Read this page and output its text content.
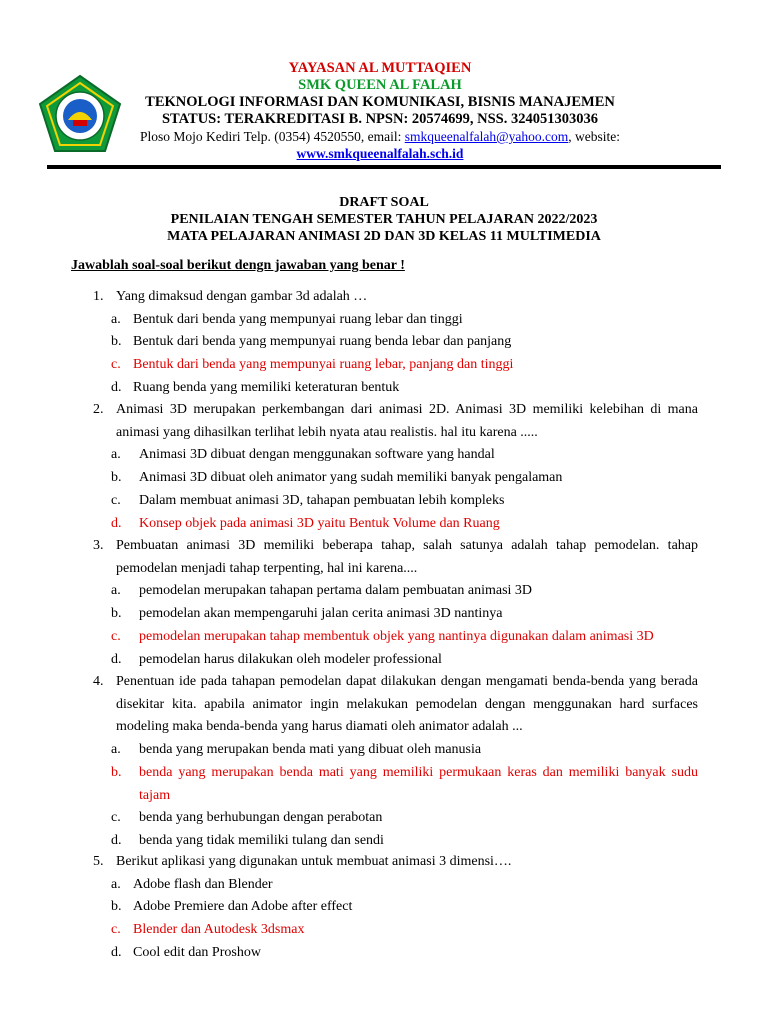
YAYASAN AL MUTTAQIEN
SMK QUEEN AL FALAH
TEKNOLOGI INFORMASI DAN KOMUNIKASI, BISNIS MANAJEMEN
STATUS: TERAKREDITASI B. NPSN: 20574699, NSS. 324051303036
Ploso Mojo Kediri Telp. (0354) 4520550, email: smkqueenalfalah@yahoo.com, website:
www.smkqueenalfalah.sch.id
DRAFT SOAL
PENILAIAN TENGAH SEMESTER TAHUN PELAJARAN 2022/2023
MATA PELAJARAN ANIMASI 2D DAN 3D KELAS 11 MULTIMEDIA
Jawablah soal-soal berikut dengn jawaban yang benar !
1. Yang dimaksud dengan gambar 3d adalah …
a. Bentuk dari benda yang mempunyai ruang lebar dan tinggi
b. Bentuk dari benda yang mempunyai ruang benda lebar dan panjang
c. Bentuk dari benda yang mempunyai ruang lebar, panjang dan tinggi
d. Ruang benda yang memiliki keteraturan bentuk
2. Animasi 3D merupakan perkembangan dari animasi 2D. Animasi 3D memiliki kelebihan di mana animasi yang dihasilkan terlihat lebih nyata atau realistis. hal itu karena .....
a.	Animasi 3D dibuat dengan menggunakan software yang handal
b.	Animasi 3D dibuat oleh animator yang sudah memiliki banyak pengalaman
c.	Dalam membuat animasi 3D, tahapan pembuatan lebih kompleks
d.	Konsep objek pada animasi 3D yaitu Bentuk Volume dan Ruang
3. Pembuatan animasi 3D memiliki beberapa tahap, salah satunya adalah tahap pemodelan. tahap pemodelan menjadi tahap terpenting, hal ini karena....
a.	pemodelan merupakan tahapan pertama dalam pembuatan animasi 3D
b.	pemodelan akan mempengaruhi jalan cerita animasi 3D nantinya
c.	pemodelan merupakan tahap membentuk objek yang nantinya digunakan dalam animasi 3D
d.	pemodelan harus dilakukan oleh modeler professional
4. Penentuan ide pada tahapan pemodelan dapat dilakukan dengan mengamati benda-benda yang berada disekitar kita. apabila animator ingin melakukan pemodelan dengan menggunakan hard surfaces modeling maka benda-benda yang harus diamati oleh animator adalah ...
a.	benda yang merupakan benda mati yang dibuat oleh manusia
b.	benda yang merupakan benda mati yang memiliki permukaan keras dan memiliki banyak sudu tajam
c.	benda yang berhubungan dengan perabotan
d.	benda yang tidak memiliki tulang dan sendi
5. Berikut aplikasi yang digunakan untuk membuat animasi 3 dimensi….
a. Adobe flash dan Blender
b. Adobe Premiere dan Adobe after effect
c. Blender dan Autodesk 3dsmax
d. Cool edit dan Proshow
